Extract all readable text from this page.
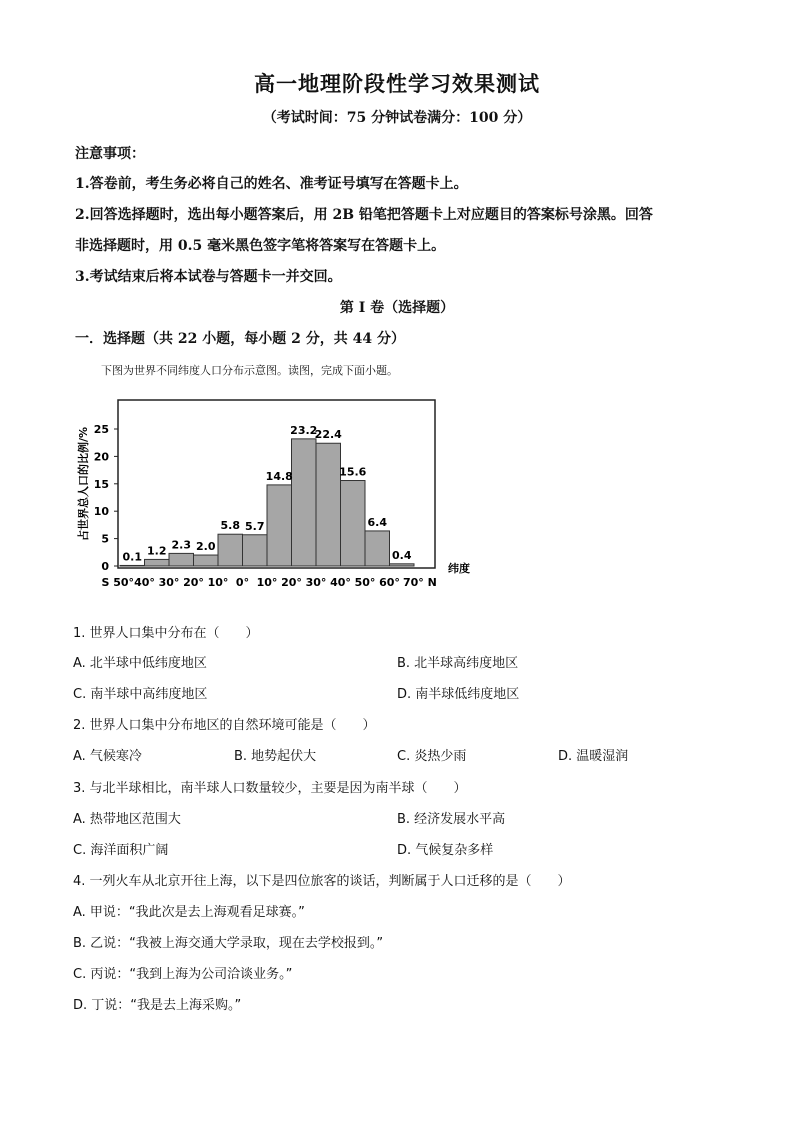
高一地理阶段性学习效果测试
（考试时间：75 分钟试卷满分：100 分）
注意事项：
1.答卷前，考生务必将自己的姓名、准考证号填写在答题卡上。
2.回答选择题时，选出每小题答案后，用 2B 铅笔把答题卡上对应题目的答案标号涂黑。回答
非选择题时，用 0.5 毫米黑色签字笔将答案写在答题卡上。
3.考试结束后将本试卷与答题卡一并交回。
第 I 卷（选择题）
一．选择题（共 22 小题，每小题 2 分，共 44 分）
下图为世界不同纬度人口分布示意图。读图，完成下面小题。
0.1 1.2 2.3 2.0
5.8 5.7
14.8
23.2
22.4
15.6
6.4
0.4
0
5
10
15
20
25
S 50° 40° 30° 20° 10° 0° 10° 20° 30° 40° 50° 60° 70° N
占世界总人口的比例/%
纬度
1. 世界人口集中分布在（　　）
A. 北半球中低纬度地区	B. 北半球高纬度地区
C. 南半球中高纬度地区	D. 南半球低纬度地区
2. 世界人口集中分布地区的自然环境可能是（　　）
A. 气候寒冷	B. 地势起伏大	C. 炎热少雨	D. 温暖湿润
3. 与北半球相比，南半球人口数量较少，主要是因为南半球（　　）
A. 热带地区范围大	B. 经济发展水平高
C. 海洋面积广阔	D. 气候复杂多样
4. 一列火车从北京开往上海，以下是四位旅客的谈话，判断属于人口迁移的是（　　）
A. 甲说：“我此次是去上海观看足球赛。”
B. 乙说：“我被上海交通大学录取，现在去学校报到。”
C. 丙说：“我到上海为公司洽谈业务。”
D. 丁说：“我是去上海采购。”
